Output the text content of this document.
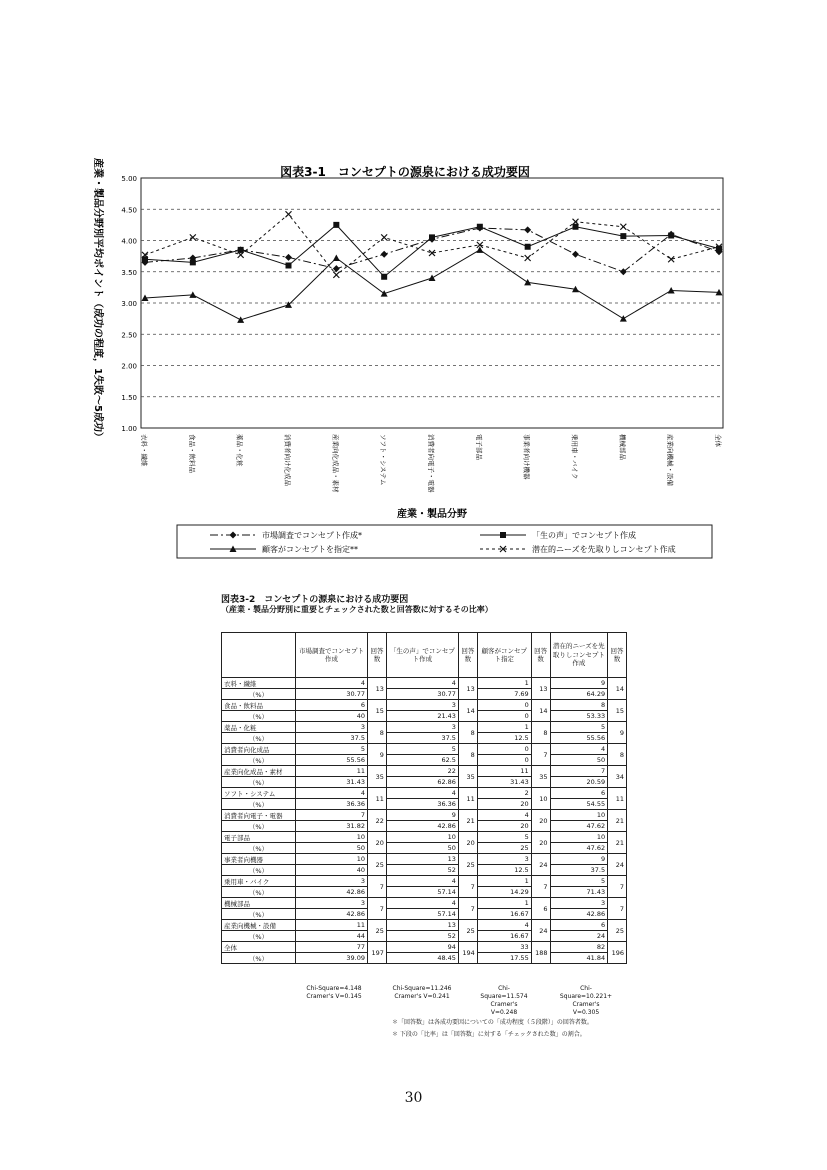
図表3-1　コンセプトの源泉における成功要因
1.00
1.50
2.00
2.50
3.00
3.50
4.00
4.50
5.00
衣料・繊維	食品・飲料品	薬品・化粧	消費者向け化成品	産業向化成品・素材	ソフト・システム	消費者向電子・電器	電子部品	事業者向け機器	乗用車・バイク	機械部品	産業向機械・設備	全体
産業・製品分野別平均ポイント（成功の程度，1失敗～5成功）
産業・製品分野
市場調査でコンセプト作成*	「生の声」でコンセプト作成
顧客がコンセプトを指定**	潜在的ニーズを先取りしコンセプト作成
図表3-2　コンセプトの源泉における成功要因
（産業・製品分野別に重要とチェックされた数と回答数に対するその比率）
	市場調査でコンセプト作成	回答数	「生の声」でコンセプト作成	回答数	顧客がコンセプト指定	回答数	潜在的ニーズを先取りしコンセプト作成	回答数
衣料・繊維	4	13	4	13	1	13	9	14
（%）	30.77		30.77		7.69		64.29	
食品・飲料品	6	15	3	14	0	14	8	15
（%）	40		21.43		0		53.33	
薬品・化粧	3	8	3	8	1	8	5	9
（%）	37.5		37.5		12.5		55.56	
消費者向化成品	5	9	5	8	0	7	4	8
（%）	55.56		62.5		0		50	
産業向化成品・素材	11	35	22	35	11	35	7	34
（%）	31.43		62.86		31.43		20.59	
ソフト・システム	4	11	4	11	2	10	6	11
（%）	36.36		36.36		20		54.55	
消費者向電子・電器	7	22	9	21	4	20	10	21
（%）	31.82		42.86		20		47.62	
電子部品	10	20	10	20	5	20	10	21
（%）	50		50		25		47.62	
事業者向機器	10	25	13	25	3	24	9	24
（%）	40		52		12.5		37.5	
乗用車・バイク	3	7	4	7	1	7	5	7
（%）	42.86		57.14		14.29		71.43	
機械部品	3	7	4	7	1	6	3	7
（%）	42.86		57.14		16.67		42.86	
産業向機械・設備	11	25	13	25	4	24	6	25
（%）	44		52		16.67		24	
全体	77	197	94	194	33	188	82	196
（%）	39.09		48.45		17.55		41.84	
Chi-Square=4.148
Cramer's V=0.145
Chi-Square=11.246
Cramer's V=0.241
Chi-
Square=11.574
Cramer's
V=0.248
Chi-
Square=10.221+
Cramer's
V=0.305
＊「回答数」は各成功要因についての「成功程度（５段階）」の回答者数。
＊ 下段の「比率」は「回答数」に対する「チェックされた数」の割合。
30
